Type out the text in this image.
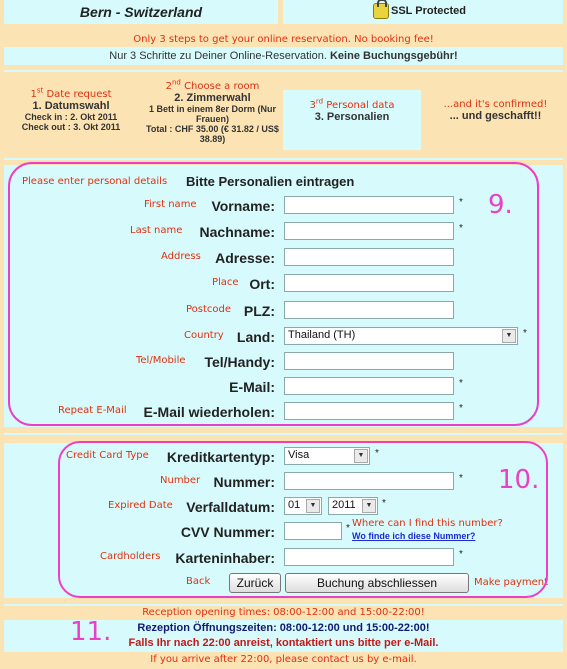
Bern - Switzerland	SSL Protected
Only 3 steps to get your online reservation. No booking fee!
Nur 3 Schritte zu Deiner Online-Reservation. Keine Buchungsgebühr!
1st Date request
1. Datumswahl
Check in : 2. Okt 2011
Check out : 3. Okt 2011
2nd Choose a room
2. Zimmerwahl
1 Bett in einem 8er Dorm (Nur Frauen)
Total : CHF 35.00 (€ 31.82 / US$ 38.89)
3rd Personal data
3. Personalien
...and it's confirmed!
... und geschafft!!
Please enter personal details Bitte Personalien eintragen
First name Vorname:	*
Last name Nachname:	*
Address Adresse:
Place Ort:
Postcode PLZ:
Country Land:	Thailand (TH)	▼	*
Tel/Mobile Tel/Handy:
E-Mail:	*
Repeat E-Mail E-Mail wiederholen:	*
9.
Credit Card Type Kreditkartentyp:	Visa	▼	*
Number Nummer:	*
Expired Date Verfalldatum:	01	▼	2011	▼ *
CVV Nummer:	* Where can I find this number?
Wo finde ich diese Nummer?
Cardholders Karteninhaber:	*
Back	Zurück	Buchung abschliessen	Make payment
10.
Reception opening times: 08:00-12:00 and 15:00-22:00!
Rezeption Öffnungszeiten: 08:00-12:00 und 15:00-22:00!
Falls Ihr nach 22:00 anreist, kontaktiert uns bitte per e-Mail.
11.
If you arrive after 22:00, please contact us by e-mail.
